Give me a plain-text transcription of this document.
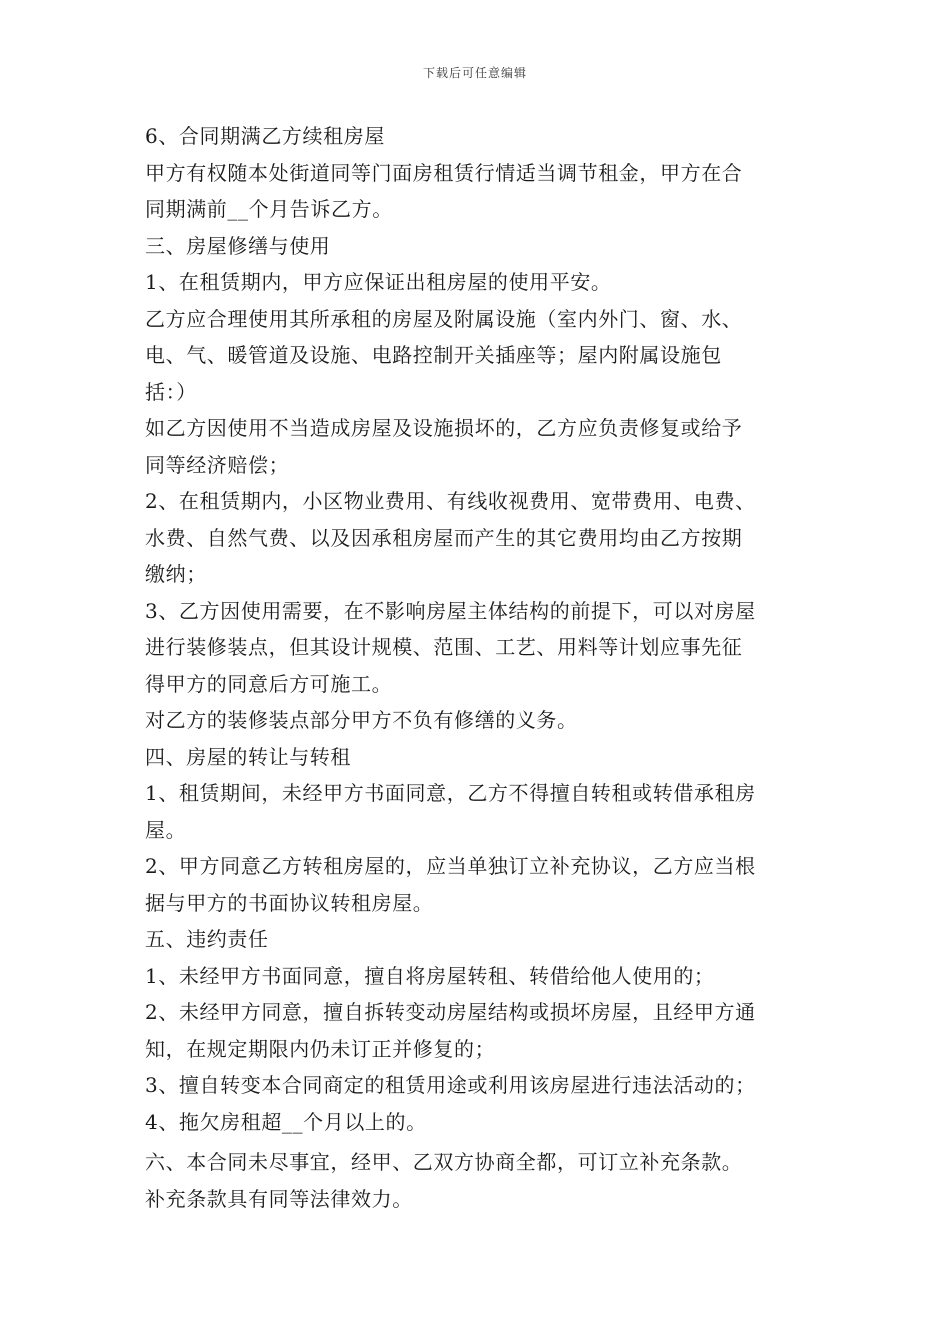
下载后可任意编辑
6、合同期满乙方续租房屋
甲方有权随本处街道同等门面房租赁行情适当调节租金，甲方在合
同期满前__个月告诉乙方。
三、房屋修缮与使用
1、在租赁期内，甲方应保证出租房屋的使用平安。
乙方应合理使用其所承租的房屋及附属设施（室内外门、窗、水、
电、气、暖管道及设施、电路控制开关插座等；屋内附属设施包
括：）
如乙方因使用不当造成房屋及设施损坏的，乙方应负责修复或给予
同等经济赔偿；
2、在租赁期内，小区物业费用、有线收视费用、宽带费用、电费、
水费、自然气费、以及因承租房屋而产生的其它费用均由乙方按期
缴纳；
3、乙方因使用需要，在不影响房屋主体结构的前提下，可以对房屋
进行装修装点，但其设计规模、范围、工艺、用料等计划应事先征
得甲方的同意后方可施工。
对乙方的装修装点部分甲方不负有修缮的义务。
四、房屋的转让与转租
1、租赁期间，未经甲方书面同意，乙方不得擅自转租或转借承租房
屋。
2、甲方同意乙方转租房屋的，应当单独订立补充协议，乙方应当根
据与甲方的书面协议转租房屋。
五、违约责任
1、未经甲方书面同意，擅自将房屋转租、转借给他人使用的；
2、未经甲方同意，擅自拆转变动房屋结构或损坏房屋，且经甲方通
知，在规定期限内仍未订正并修复的；
3、擅自转变本合同商定的租赁用途或利用该房屋进行违法活动的；
4、拖欠房租超__个月以上的。
六、本合同未尽事宜，经甲、乙双方协商全都，可订立补充条款。
补充条款具有同等法律效力。
